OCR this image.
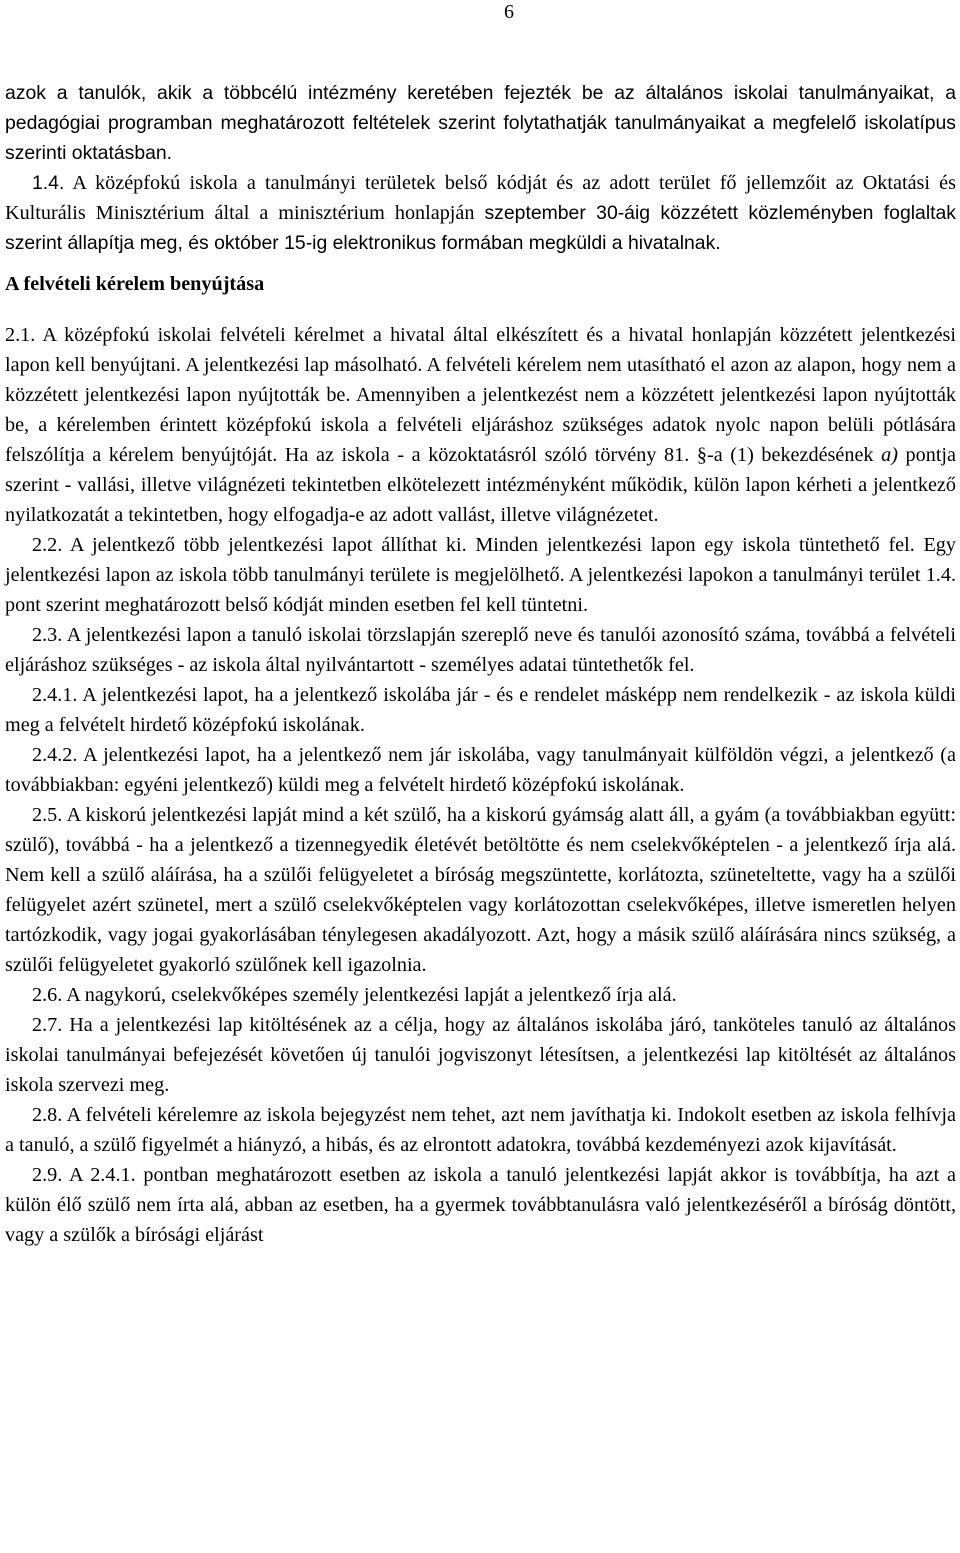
6

azok a tanulók, akik a többcélú intézmény keretében fejezték be az általános iskolai tanulmányaikat, a pedagógiai programban meghatározott feltételek szerint folytathatják tanulmányaikat a megfelelő iskolatípus szerinti oktatásban.

1.4. A középfokú iskola a tanulmányi területek belső kódját és az adott terület fő jellemzőit az Oktatási és Kulturális Minisztérium által a minisztérium honlapján szeptember 30-áig közzétett közleményben foglaltak szerint állapítja meg, és október 15-ig elektronikus formában megküldi a hivatalnak.

A felvételi kérelem benyújtása

2.1. A középfokú iskolai felvételi kérelmet a hivatal által elkészített és a hivatal honlapján közzétett jelentkezési lapon kell benyújtani. A jelentkezési lap másolható. A felvételi kérelem nem utasítható el azon az alapon, hogy nem a közzétett jelentkezési lapon nyújtották be. Amennyiben a jelentkezést nem a közzétett jelentkezési lapon nyújtották be, a kérelemben érintett középfokú iskola a felvételi eljáráshoz szükséges adatok nyolc napon belüli pótlására felszólítja a kérelem benyújtóját. Ha az iskola - a közoktatásról szóló törvény 81. §-a (1) bekezdésének a) pontja szerint - vallási, illetve világnézeti tekintetben elkötelezett intézményként működik, külön lapon kérheti a jelentkező nyilatkozatát a tekintetben, hogy elfogadja-e az adott vallást, illetve világnézetet.

2.2. A jelentkező több jelentkezési lapot állíthat ki. Minden jelentkezési lapon egy iskola tüntethető fel. Egy jelentkezési lapon az iskola több tanulmányi területe is megjelölhető. A jelentkezési lapokon a tanulmányi terület 1.4. pont szerint meghatározott belső kódját minden esetben fel kell tüntetni.

2.3. A jelentkezési lapon a tanuló iskolai törzslapján szereplő neve és tanulói azonosító száma, továbbá a felvételi eljáráshoz szükséges - az iskola által nyilvántartott - személyes adatai tüntethetők fel.

2.4.1. A jelentkezési lapot, ha a jelentkező iskolába jár - és e rendelet másképp nem rendelkezik - az iskola küldi meg a felvételt hirdető középfokú iskolának.

2.4.2. A jelentkezési lapot, ha a jelentkező nem jár iskolába, vagy tanulmányait külföldön végzi, a jelentkező (a továbbiakban: egyéni jelentkező) küldi meg a felvételt hirdető középfokú iskolának.

2.5. A kiskorú jelentkezési lapját mind a két szülő, ha a kiskorú gyámság alatt áll, a gyám (a továbbiakban együtt: szülő), továbbá - ha a jelentkező a tizennegyedik életévét betöltötte és nem cselekvőképtelen - a jelentkező írja alá. Nem kell a szülő aláírása, ha a szülői felügyeletet a bíróság megszüntette, korlátozta, szüneteltette, vagy ha a szülői felügyelet azért szünetel, mert a szülő cselekvőképtelen vagy korlátozottan cselekvőképes, illetve ismeretlen helyen tartózkodik, vagy jogai gyakorlásában ténylegesen akadályozott. Azt, hogy a másik szülő aláírására nincs szükség, a szülői felügyeletet gyakorló szülőnek kell igazolnia.

2.6. A nagykorú, cselekvőképes személy jelentkezési lapját a jelentkező írja alá.

2.7. Ha a jelentkezési lap kitöltésének az a célja, hogy az általános iskolába járó, tanköteles tanuló az általános iskolai tanulmányai befejezését követően új tanulói jogviszonyt létesítsen, a jelentkezési lap kitöltését az általános iskola szervezi meg.

2.8. A felvételi kérelemre az iskola bejegyzést nem tehet, azt nem javíthatja ki. Indokolt esetben az iskola felhívja a tanuló, a szülő figyelmét a hiányzó, a hibás, és az elrontott adatokra, továbbá kezdeményezi azok kijavítását.

2.9. A 2.4.1. pontban meghatározott esetben az iskola a tanuló jelentkezési lapját akkor is továbbítja, ha azt a külön élő szülő nem írta alá, abban az esetben, ha a gyermek továbbtanulásra való jelentkezéséről a bíróság döntött, vagy a szülők a bírósági eljárást
